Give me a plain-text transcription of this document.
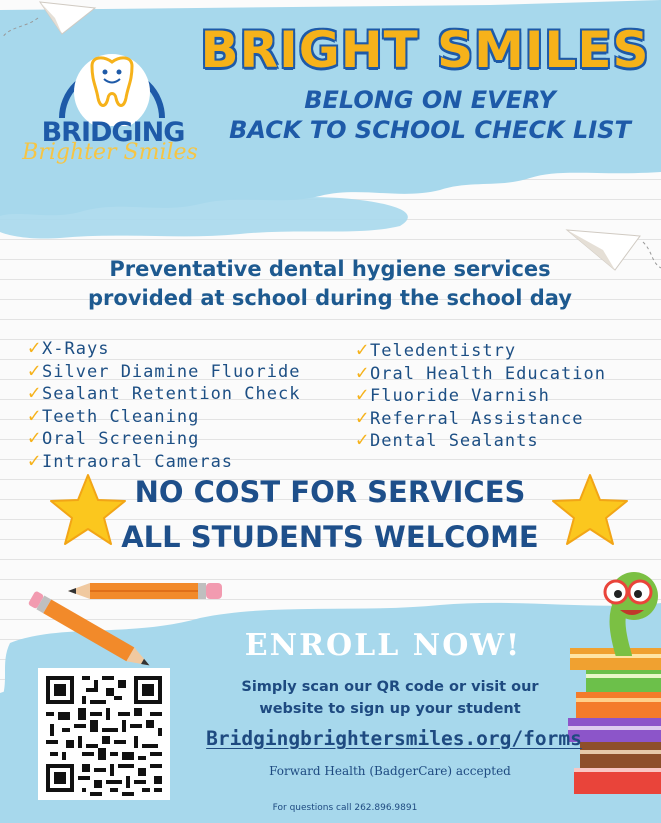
BRIDGING
Brighter Smiles
BRIGHT SMILES
BELONG ON EVERY
BACK TO SCHOOL CHECK LIST
Preventative dental hygiene services
provided at school during the school day
✓X-Rays
✓Silver Diamine Fluoride
✓Sealant Retention Check
✓Teeth Cleaning
✓Oral Screening
✓Intraoral Cameras
✓Teledentistry
✓Oral Health Education
✓Fluoride Varnish
✓Referral Assistance
✓Dental Sealants
NO COST FOR SERVICES
ALL STUDENTS WELCOME
ENROLL NOW!
Simply scan our QR code or visit our
website to sign up your student
Bridgingbrightersmiles.org/forms
Forward Health (BadgerCare) accepted
For questions call 262.896.9891
